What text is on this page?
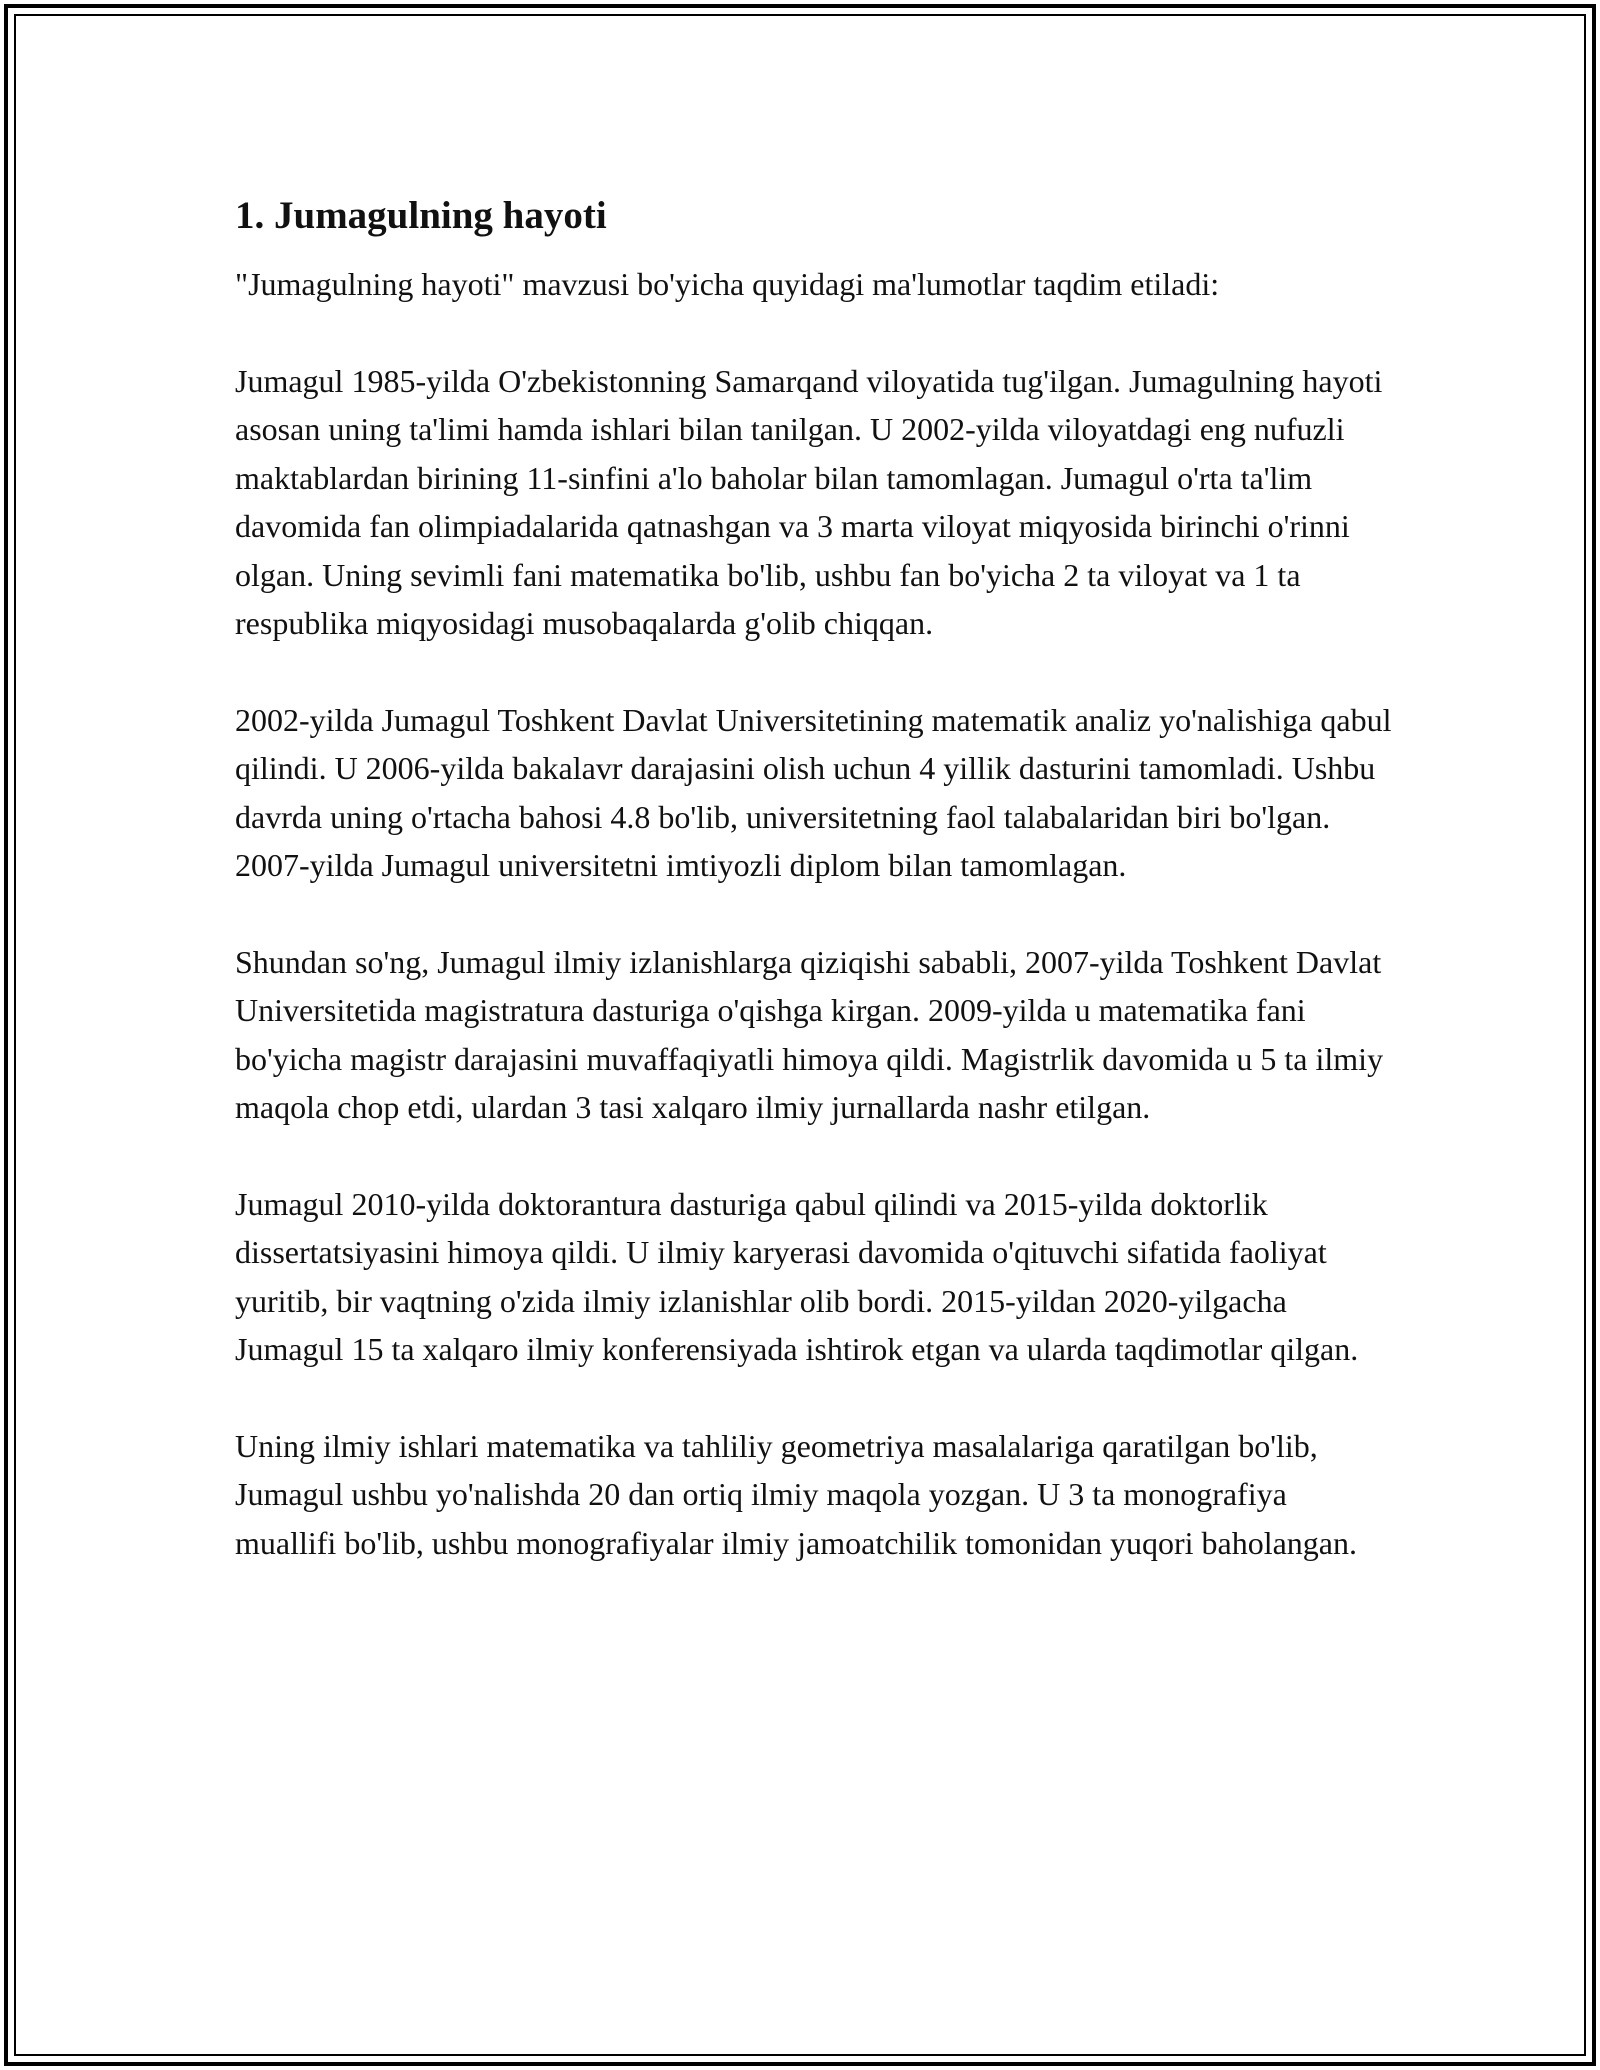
1. Jumagulning hayoti

"Jumagulning hayoti" mavzusi bo'yicha quyidagi ma'lumotlar taqdim etiladi:

Jumagul 1985-yilda O'zbekistonning Samarqand viloyatida tug'ilgan. Jumagulning hayoti asosan uning ta'limi hamda ishlari bilan tanilgan. U 2002-yilda viloyatdagi eng nufuzli maktablardan birining 11-sinfini a'lo baholar bilan tamomlagan. Jumagul o'rta ta'lim davomida fan olimpiadalarida qatnashgan va 3 marta viloyat miqyosida birinchi o'rinni olgan. Uning sevimli fani matematika bo'lib, ushbu fan bo'yicha 2 ta viloyat va 1 ta respublika miqyosidagi musobaqalarda g'olib chiqqan.

2002-yilda Jumagul Toshkent Davlat Universitetining matematik analiz yo'nalishiga qabul qilindi. U 2006-yilda bakalavr darajasini olish uchun 4 yillik dasturini tamomladi. Ushbu davrda uning o'rtacha bahosi 4.8 bo'lib, universitetning faol talabalaridan biri bo'lgan. 2007-yilda Jumagul universitetni imtiyozli diplom bilan tamomlagan.

Shundan so'ng, Jumagul ilmiy izlanishlarga qiziqishi sababli, 2007-yilda Toshkent Davlat Universitetida magistratura dasturiga o'qishga kirgan. 2009-yilda u matematika fani bo'yicha magistr darajasini muvaffaqiyatli himoya qildi. Magistrlik davomida u 5 ta ilmiy maqola chop etdi, ulardan 3 tasi xalqaro ilmiy jurnallarda nashr etilgan.

Jumagul 2010-yilda doktorantura dasturiga qabul qilindi va 2015-yilda doktorlik dissertatsiyasini himoya qildi. U ilmiy karyerasi davomida o'qituvchi sifatida faoliyat yuritib, bir vaqtning o'zida ilmiy izlanishlar olib bordi. 2015-yildan 2020-yilgacha Jumagul 15 ta xalqaro ilmiy konferensiyada ishtirok etgan va ularda taqdimotlar qilgan.

Uning ilmiy ishlari matematika va tahliliy geometriya masalalariga qaratilgan bo'lib, Jumagul ushbu yo'nalishda 20 dan ortiq ilmiy maqola yozgan. U 3 ta monografiya muallifi bo'lib, ushbu monografiyalar ilmiy jamoatchilik tomonidan yuqori baholangan.
